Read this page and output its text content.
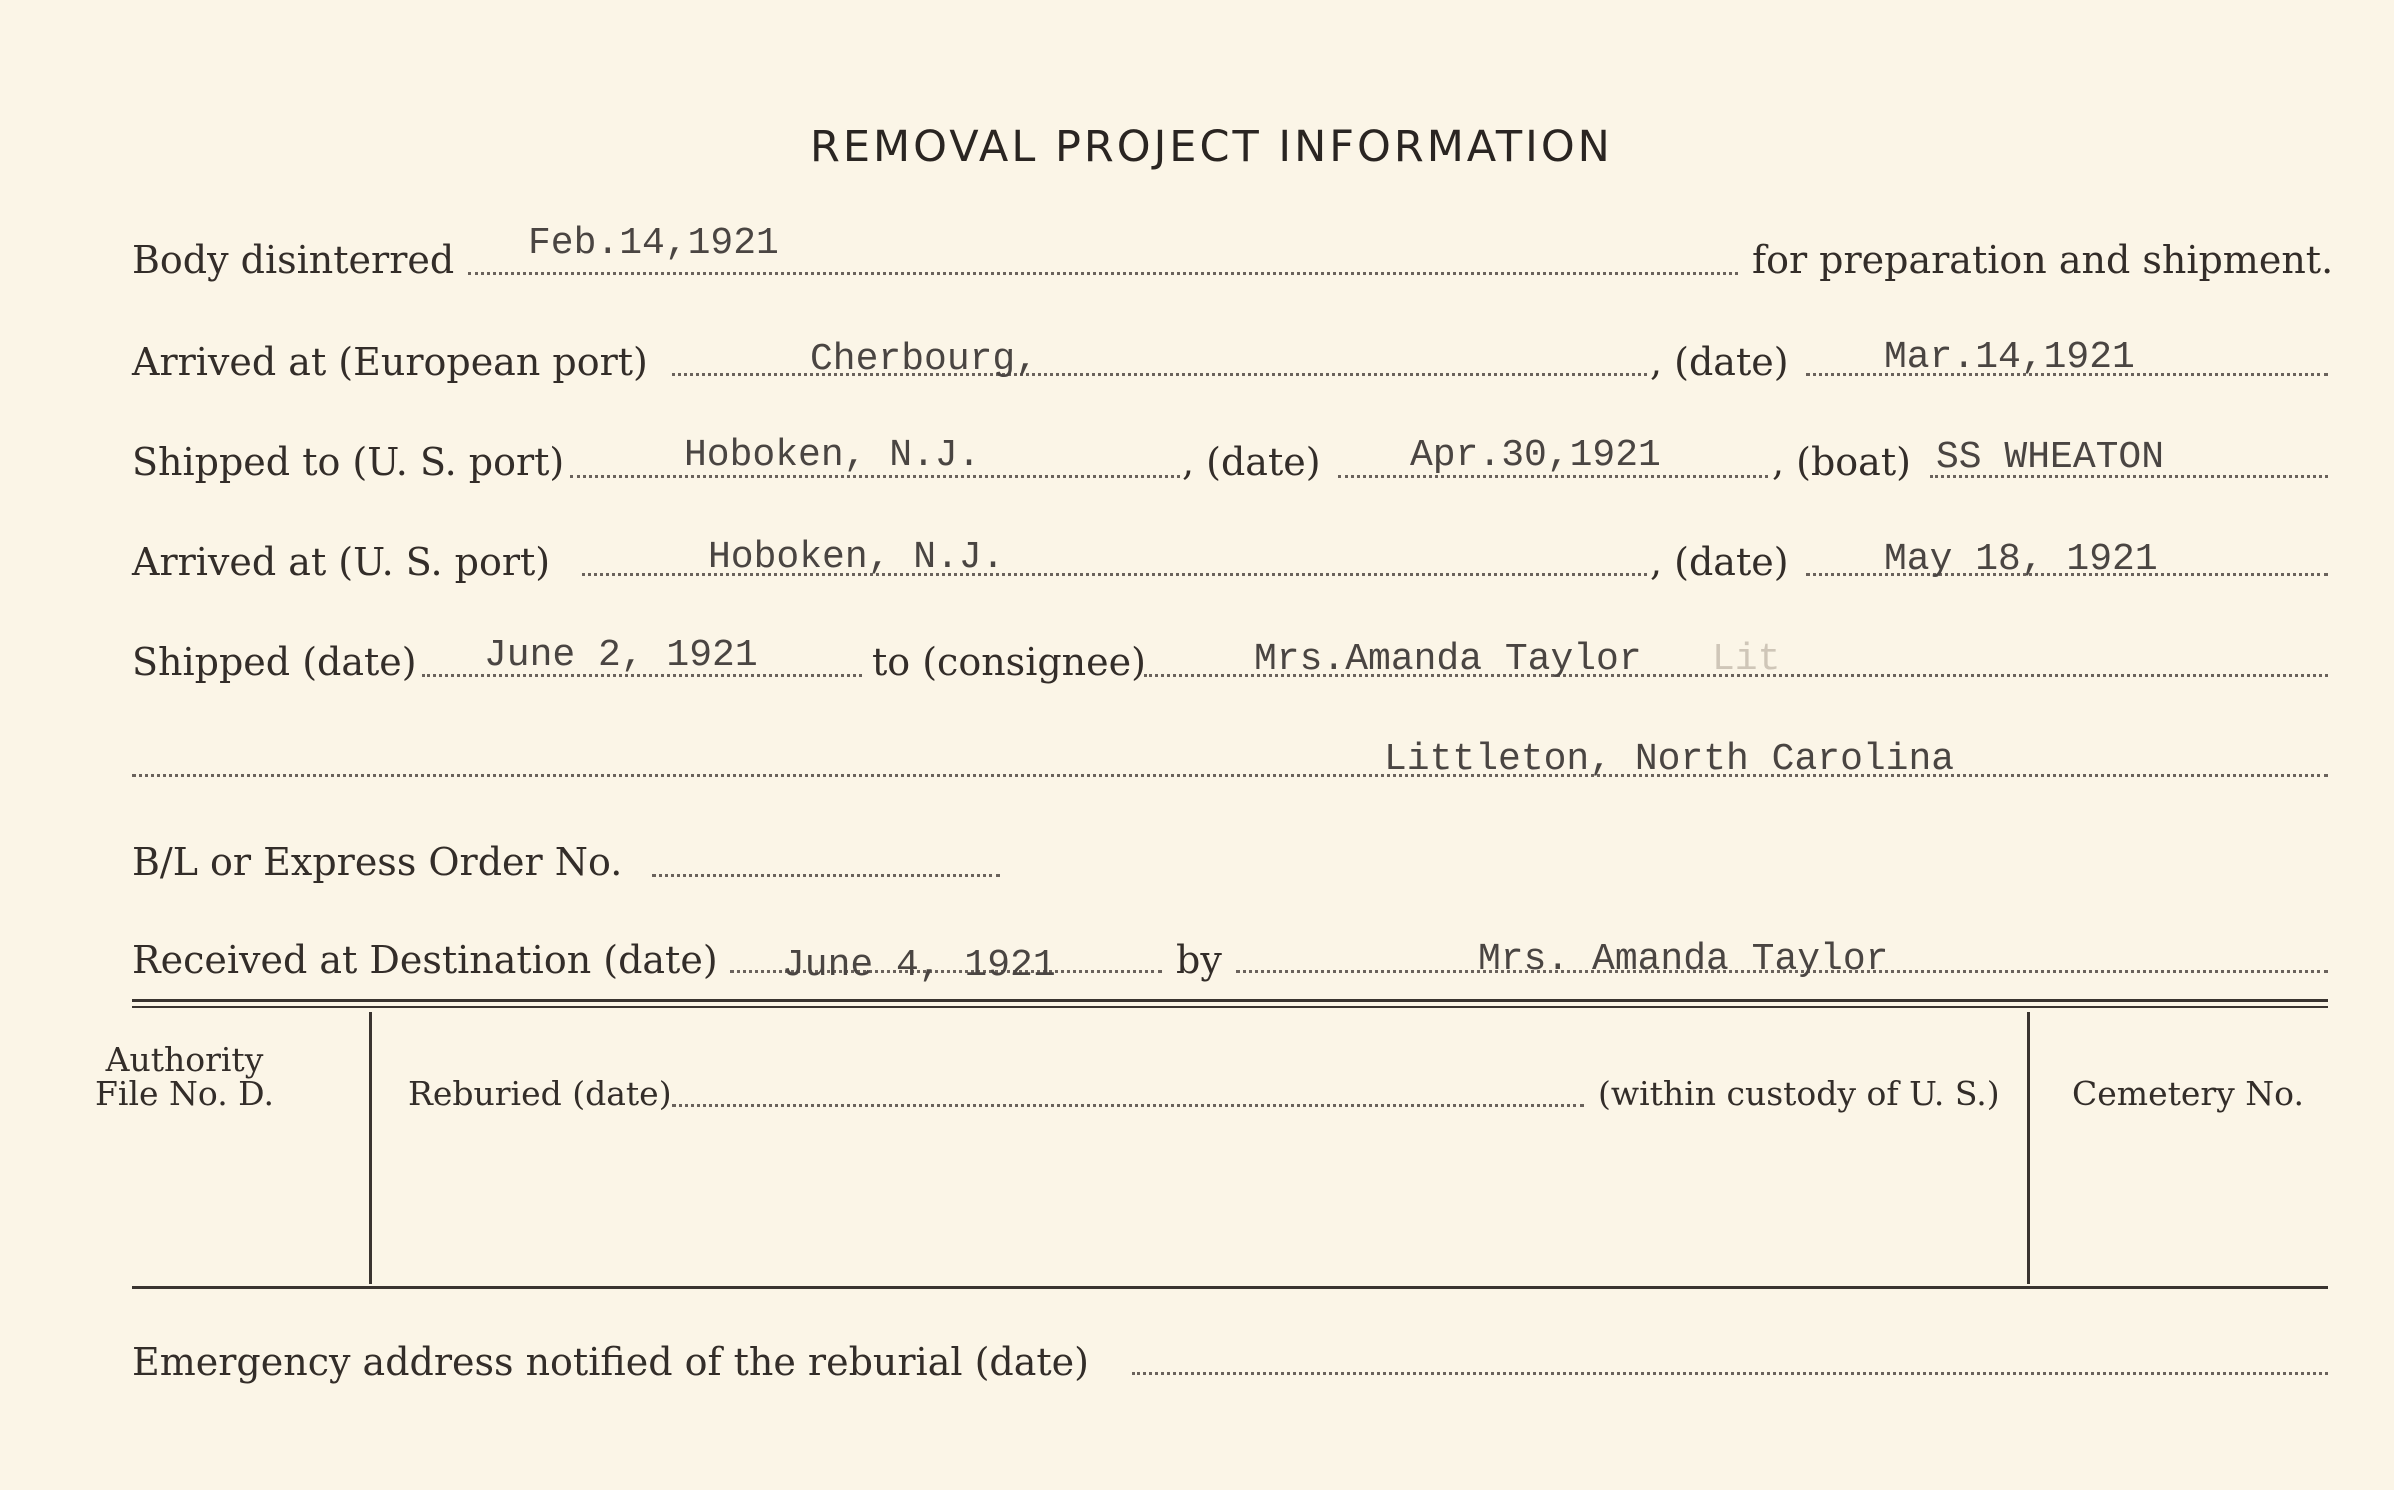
REMOVAL PROJECT INFORMATION
Body disinterred Feb.14,1921	for preparation and shipment.
Arrived at (European port)	Cherbourg,	, (date)	Mar.14,1921
Shipped to (U. S. port)	Hoboken, N.J.	, (date) Apr.30,1921	, (boat) SS WHEATON
Arrived at (U. S. port)	Hoboken, N.J.	, (date)	May 18, 1921
Shipped (date) June 2, 1921	to (consignee)	Mrs.Amanda Taylor Lit
Littleton, North Carolina
B/L or Express Order No.
Received at Destination (date) June 4, 1921	by	Mrs. Amanda Taylor
Authority
File No. D.	Reburied (date)	(within custody of U. S.) Cemetery No.
Emergency address notified of the reburial (date)
